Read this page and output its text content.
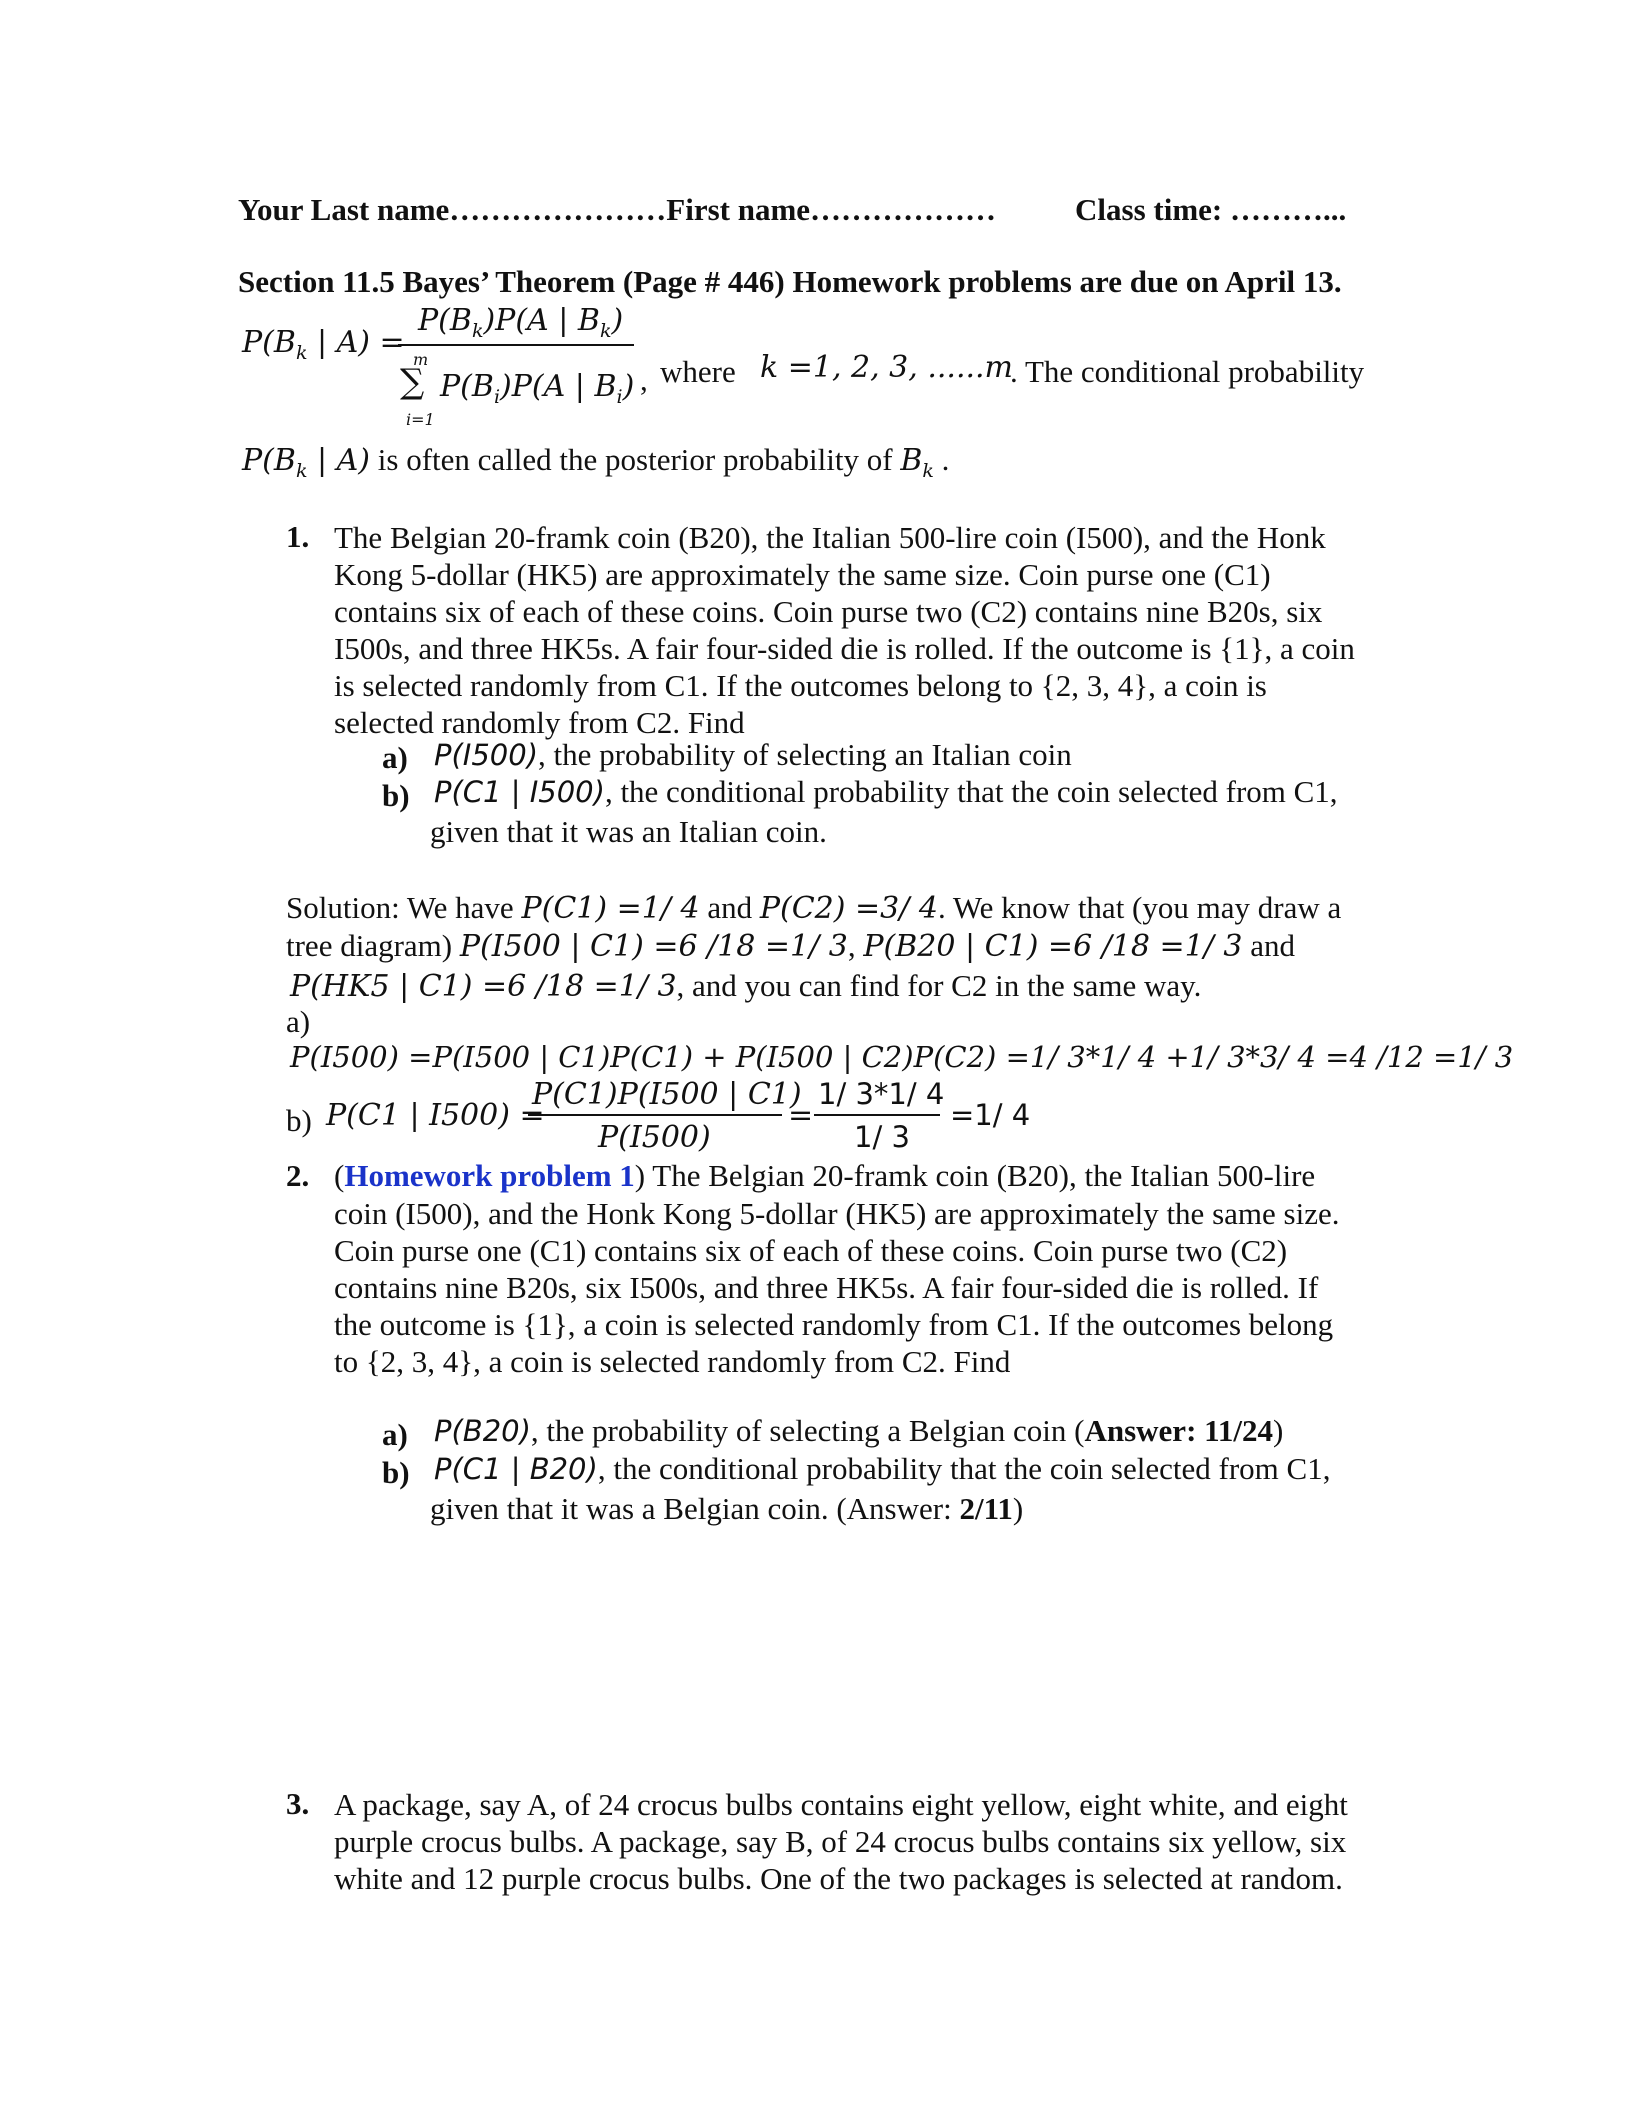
Your Last name…………………First name………………	Class time: ………...
Section 11.5 Bayes’ Theorem (Page # 446) Homework problems are due on April 13.
$P(B_k$ | A) =
$P(B_k)P(A$ | $B_k$)
m
∑
i=1
$P(B_i)P(A$ | $B_i$) , where k =1, 2, 3, ......m
. The conditional probability
$P(B_k$ | A) is often called the posterior probability of $B_k$ .
1. The Belgian 20-framk coin (B20), the Italian 500-lire coin (I500), and the Honk
Kong 5-dollar (HK5) are approximately the same size. Coin purse one (C1)
contains six of each of these coins. Coin purse two (C2) contains nine B20s, six
I500s, and three HK5s. A fair four-sided die is rolled. If the outcome is {1}, a coin
is selected randomly from C1. If the outcomes belong to {2, 3, 4}, a coin is
selected randomly from C2. Find
a) P(I500), the probability of selecting an Italian coin
b) P(C1 | I500), the conditional probability that the coin selected from C1,
given that it was an Italian coin.
Solution: We have P(C1) =1/ 4 and P(C2) =3/ 4. We know that (you may draw a
tree diagram) P(I500 | C1) =6 /18 =1/ 3, P(B20 | C1) =6 /18 =1/ 3 and
P(HK5 | C1) =6 /18 =1/ 3, and you can find for C2 in the same way.
a)
P(I500) =P(I500 | C1)P(C1) + P(I500 | C2)P(C2) =1/ 3*1/ 4 +1/ 3*3/ 4 =4 /12 =1/ 3
b) P(C1 | I500) =
P(C1)P(I500 | C1)
P(I500)
=
1/ 3*1/ 4
1/ 3
=1/ 4
2. (Homework problem 1) The Belgian 20-framk coin (B20), the Italian 500-lire
coin (I500), and the Honk Kong 5-dollar (HK5) are approximately the same size.
Coin purse one (C1) contains six of each of these coins. Coin purse two (C2)
contains nine B20s, six I500s, and three HK5s. A fair four-sided die is rolled. If
the outcome is {1}, a coin is selected randomly from C1. If the outcomes belong
to {2, 3, 4}, a coin is selected randomly from C2. Find
a) P(B20), the probability of selecting a Belgian coin (Answer: 11/24)
b) P(C1 | B20), the conditional probability that the coin selected from C1,
given that it was a Belgian coin. (Answer: 2/11)
3. A package, say A, of 24 crocus bulbs contains eight yellow, eight white, and eight
purple crocus bulbs. A package, say B, of 24 crocus bulbs contains six yellow, six
white and 12 purple crocus bulbs. One of the two packages is selected at random.
